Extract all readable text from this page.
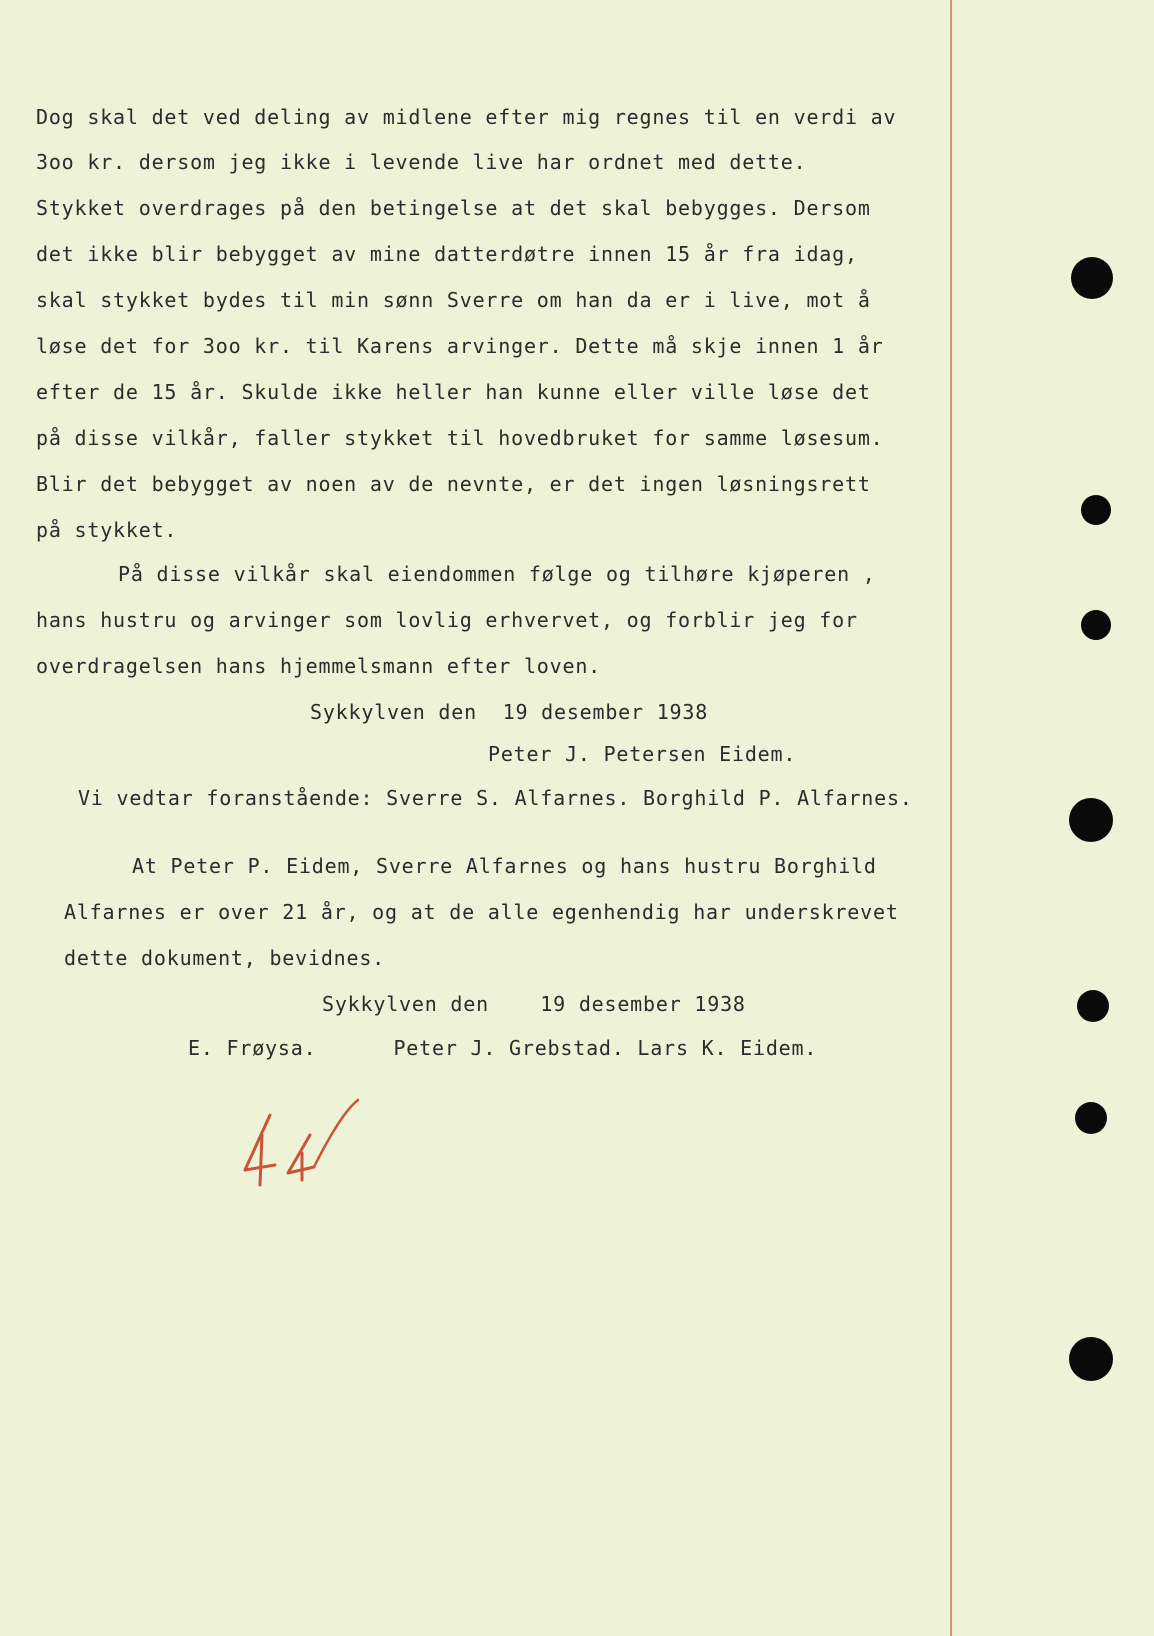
Dog skal det ved deling av midlene efter mig regnes til en verdi av
3oo kr. dersom jeg ikke i levende live har ordnet med dette.
Stykket overdrages på den betingelse at det skal bebygges. Dersom
det ikke blir bebygget av mine datterdøtre innen 15 år fra idag,
skal stykket bydes til min sønn Sverre om han da er i live, mot å
løse det for 3oo kr. til Karens arvinger. Dette må skje innen 1 år
efter de 15 år. Skulde ikke heller han kunne eller ville løse det
på disse vilkår, faller stykket til hovedbruket for samme løsesum.
Blir det bebygget av noen av de nevnte, er det ingen løsningsrett
på stykket.
På disse vilkår skal eiendommen følge og tilhøre kjøperen ,
hans hustru og arvinger som lovlig erhvervet, og forblir jeg for
overdragelsen hans hjemmelsmann efter loven.
Sykkylven den  19 desember 1938
Peter J. Petersen Eidem.
Vi vedtar foranstående: Sverre S. Alfarnes. Borghild P. Alfarnes.
At Peter P. Eidem, Sverre Alfarnes og hans hustru Borghild
Alfarnes er over 21 år, og at de alle egenhendig har underskrevet
dette dokument, bevidnes.
Sykkylven den    19 desember 1938
E. Frøysa.      Peter J. Grebstad. Lars K. Eidem.
